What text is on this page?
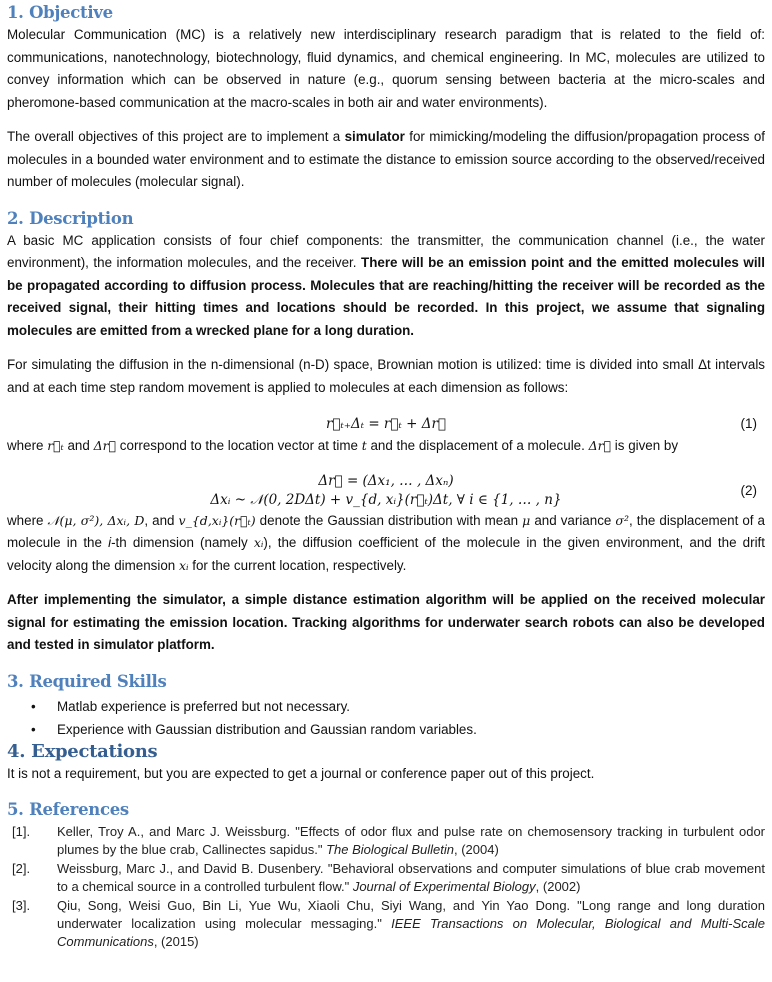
1. Objective

Molecular Communication (MC) is a relatively new interdisciplinary research paradigm that is related to the field of: communications, nanotechnology, biotechnology, fluid dynamics, and chemical engineering. In MC, molecules are utilized to convey information which can be observed in nature (e.g., quorum sensing between bacteria at the micro-scales and pheromone-based communication at the macro-scales in both air and water environments).

The overall objectives of this project are to implement a simulator for mimicking/modeling the diffusion/propagation process of molecules in a bounded water environment and to estimate the distance to emission source according to the observed/received number of molecules (molecular signal).

2. Description

A basic MC application consists of four chief components: the transmitter, the communication channel (i.e., the water environment), the information molecules, and the receiver. There will be an emission point and the emitted molecules will be propagated according to diffusion process. Molecules that are reaching/hitting the receiver will be recorded as the received signal, their hitting times and locations should be recorded. In this project, we assume that signaling molecules are emitted from a wrecked plane for a long duration.

For simulating the diffusion in the n-dimensional (n-D) space, Brownian motion is utilized: time is divided into small Δt intervals and at each time step random movement is applied to molecules at each dimension as follows:

r⃗ₜ₊Δₜ = r⃗ₜ + Δr⃗	(1)

where r⃗ₜ and Δr⃗ correspond to the location vector at time t and the displacement of a molecule. Δr⃗ is given by

Δr⃗ = (Δx₁, … , Δxₙ)
Δxᵢ ~ 𝒩(0, 2DΔt) + v_{d, xᵢ}(r⃗ₜ)Δt, ∀ i ∈ {1, … , n}
(2)

where 𝒩(μ, σ²), Δxᵢ, D, and v_{d,xᵢ}(r⃗ₜ) denote the Gaussian distribution with mean μ and variance σ², the displacement of a molecule in the i-th dimension (namely xᵢ), the diffusion coefficient of the molecule in the given environment, and the drift velocity along the dimension xᵢ for the current location, respectively.

After implementing the simulator, a simple distance estimation algorithm will be applied on the received molecular signal for estimating the emission location. Tracking algorithms for underwater search robots can also be developed and tested in simulator platform.

3. Required Skills
• Matlab experience is preferred but not necessary.
• Experience with Gaussian distribution and Gaussian random variables.
4. Expectations

It is not a requirement, but you are expected to get a journal or conference paper out of this project.

5. References
[1]. Keller, Troy A., and Marc J. Weissburg. "Effects of odor flux and pulse rate on chemosensory tracking in turbulent odor plumes by the blue crab, Callinectes sapidus." The Biological Bulletin, (2004)
[2]. Weissburg, Marc J., and David B. Dusenbery. "Behavioral observations and computer simulations of blue crab movement to a chemical source in a controlled turbulent flow." Journal of Experimental Biology, (2002)
[3]. Qiu, Song, Weisi Guo, Bin Li, Yue Wu, Xiaoli Chu, Siyi Wang, and Yin Yao Dong. "Long range and long duration underwater localization using molecular messaging." IEEE Transactions on Molecular, Biological and Multi-Scale Communications, (2015)
